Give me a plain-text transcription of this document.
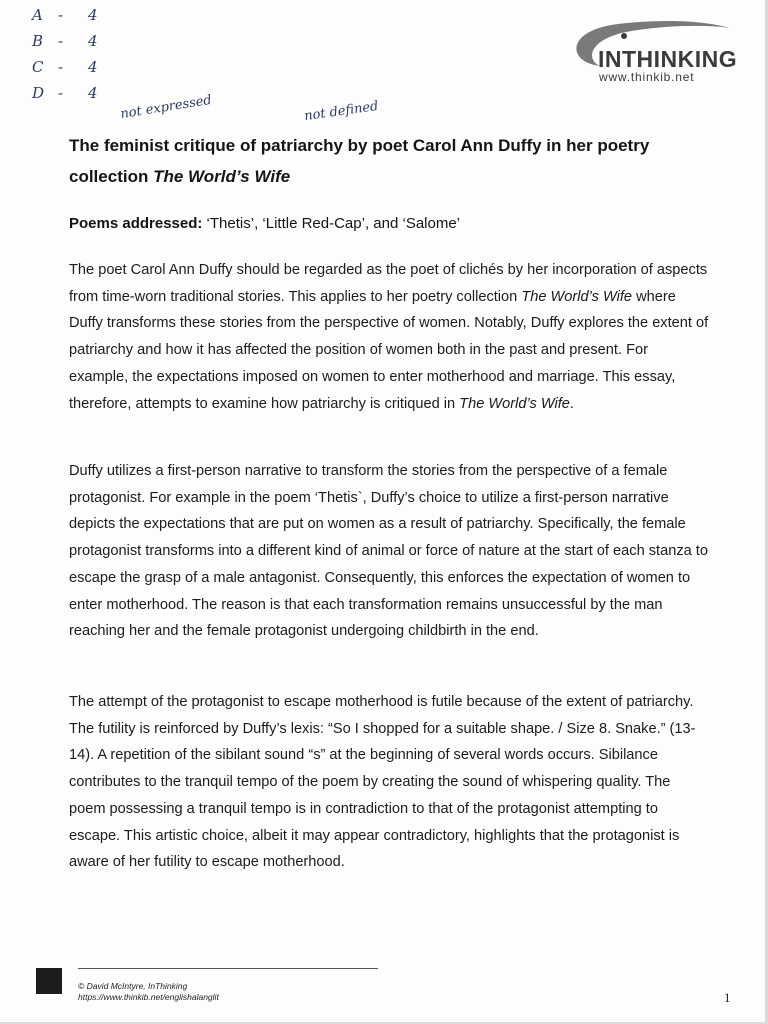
A - 4
B - 4
C - 4
D - 4 not expressed	not defined
INTHINKING
www.thinkib.net
The feminist critique of patriarchy by poet Carol Ann Duffy in her poetry collection The World’s Wife

Poems addressed: ‘Thetis’, ‘Little Red-Cap’, and ‘Salome’

The poet Carol Ann Duffy should be regarded as the poet of clichés by her incorporation of aspects from time-worn traditional stories. This applies to her poetry collection The World’s Wife where Duffy transforms these stories from the perspective of women. Notably, Duffy explores the extent of patriarchy and how it has affected the position of women both in the past and present. For example, the expectations imposed on women to enter motherhood and marriage. This essay, therefore, attempts to examine how patriarchy is critiqued in The World’s Wife.

Duffy utilizes a first-person narrative to transform the stories from the perspective of a female protagonist. For example in the poem ‘Thetis`, Duffy’s choice to utilize a first-person narrative depicts the expectations that are put on women as a result of patriarchy. Specifically, the female protagonist transforms into a different kind of animal or force of nature at the start of each stanza to escape the grasp of a male antagonist. Consequently, this enforces the expectation of women to enter motherhood. The reason is that each transformation remains unsuccessful by the man reaching her and the female protagonist undergoing childbirth in the end.

The attempt of the protagonist to escape motherhood is futile because of the extent of patriarchy. The futility is reinforced by Duffy’s lexis: “So I shopped for a suitable shape. / Size 8. Snake.” (13-14). A repetition of the sibilant sound “s” at the beginning of several words occurs. Sibilance contributes to the tranquil tempo of the poem by creating the sound of whispering quality. The poem possessing a tranquil tempo is in contradiction to that of the protagonist attempting to escape. This artistic choice, albeit it may appear contradictory, highlights that the protagonist is aware of her futility to escape motherhood.

© David McIntyre, InThinking
https://www.thinkib.net/englishalanglit	1
